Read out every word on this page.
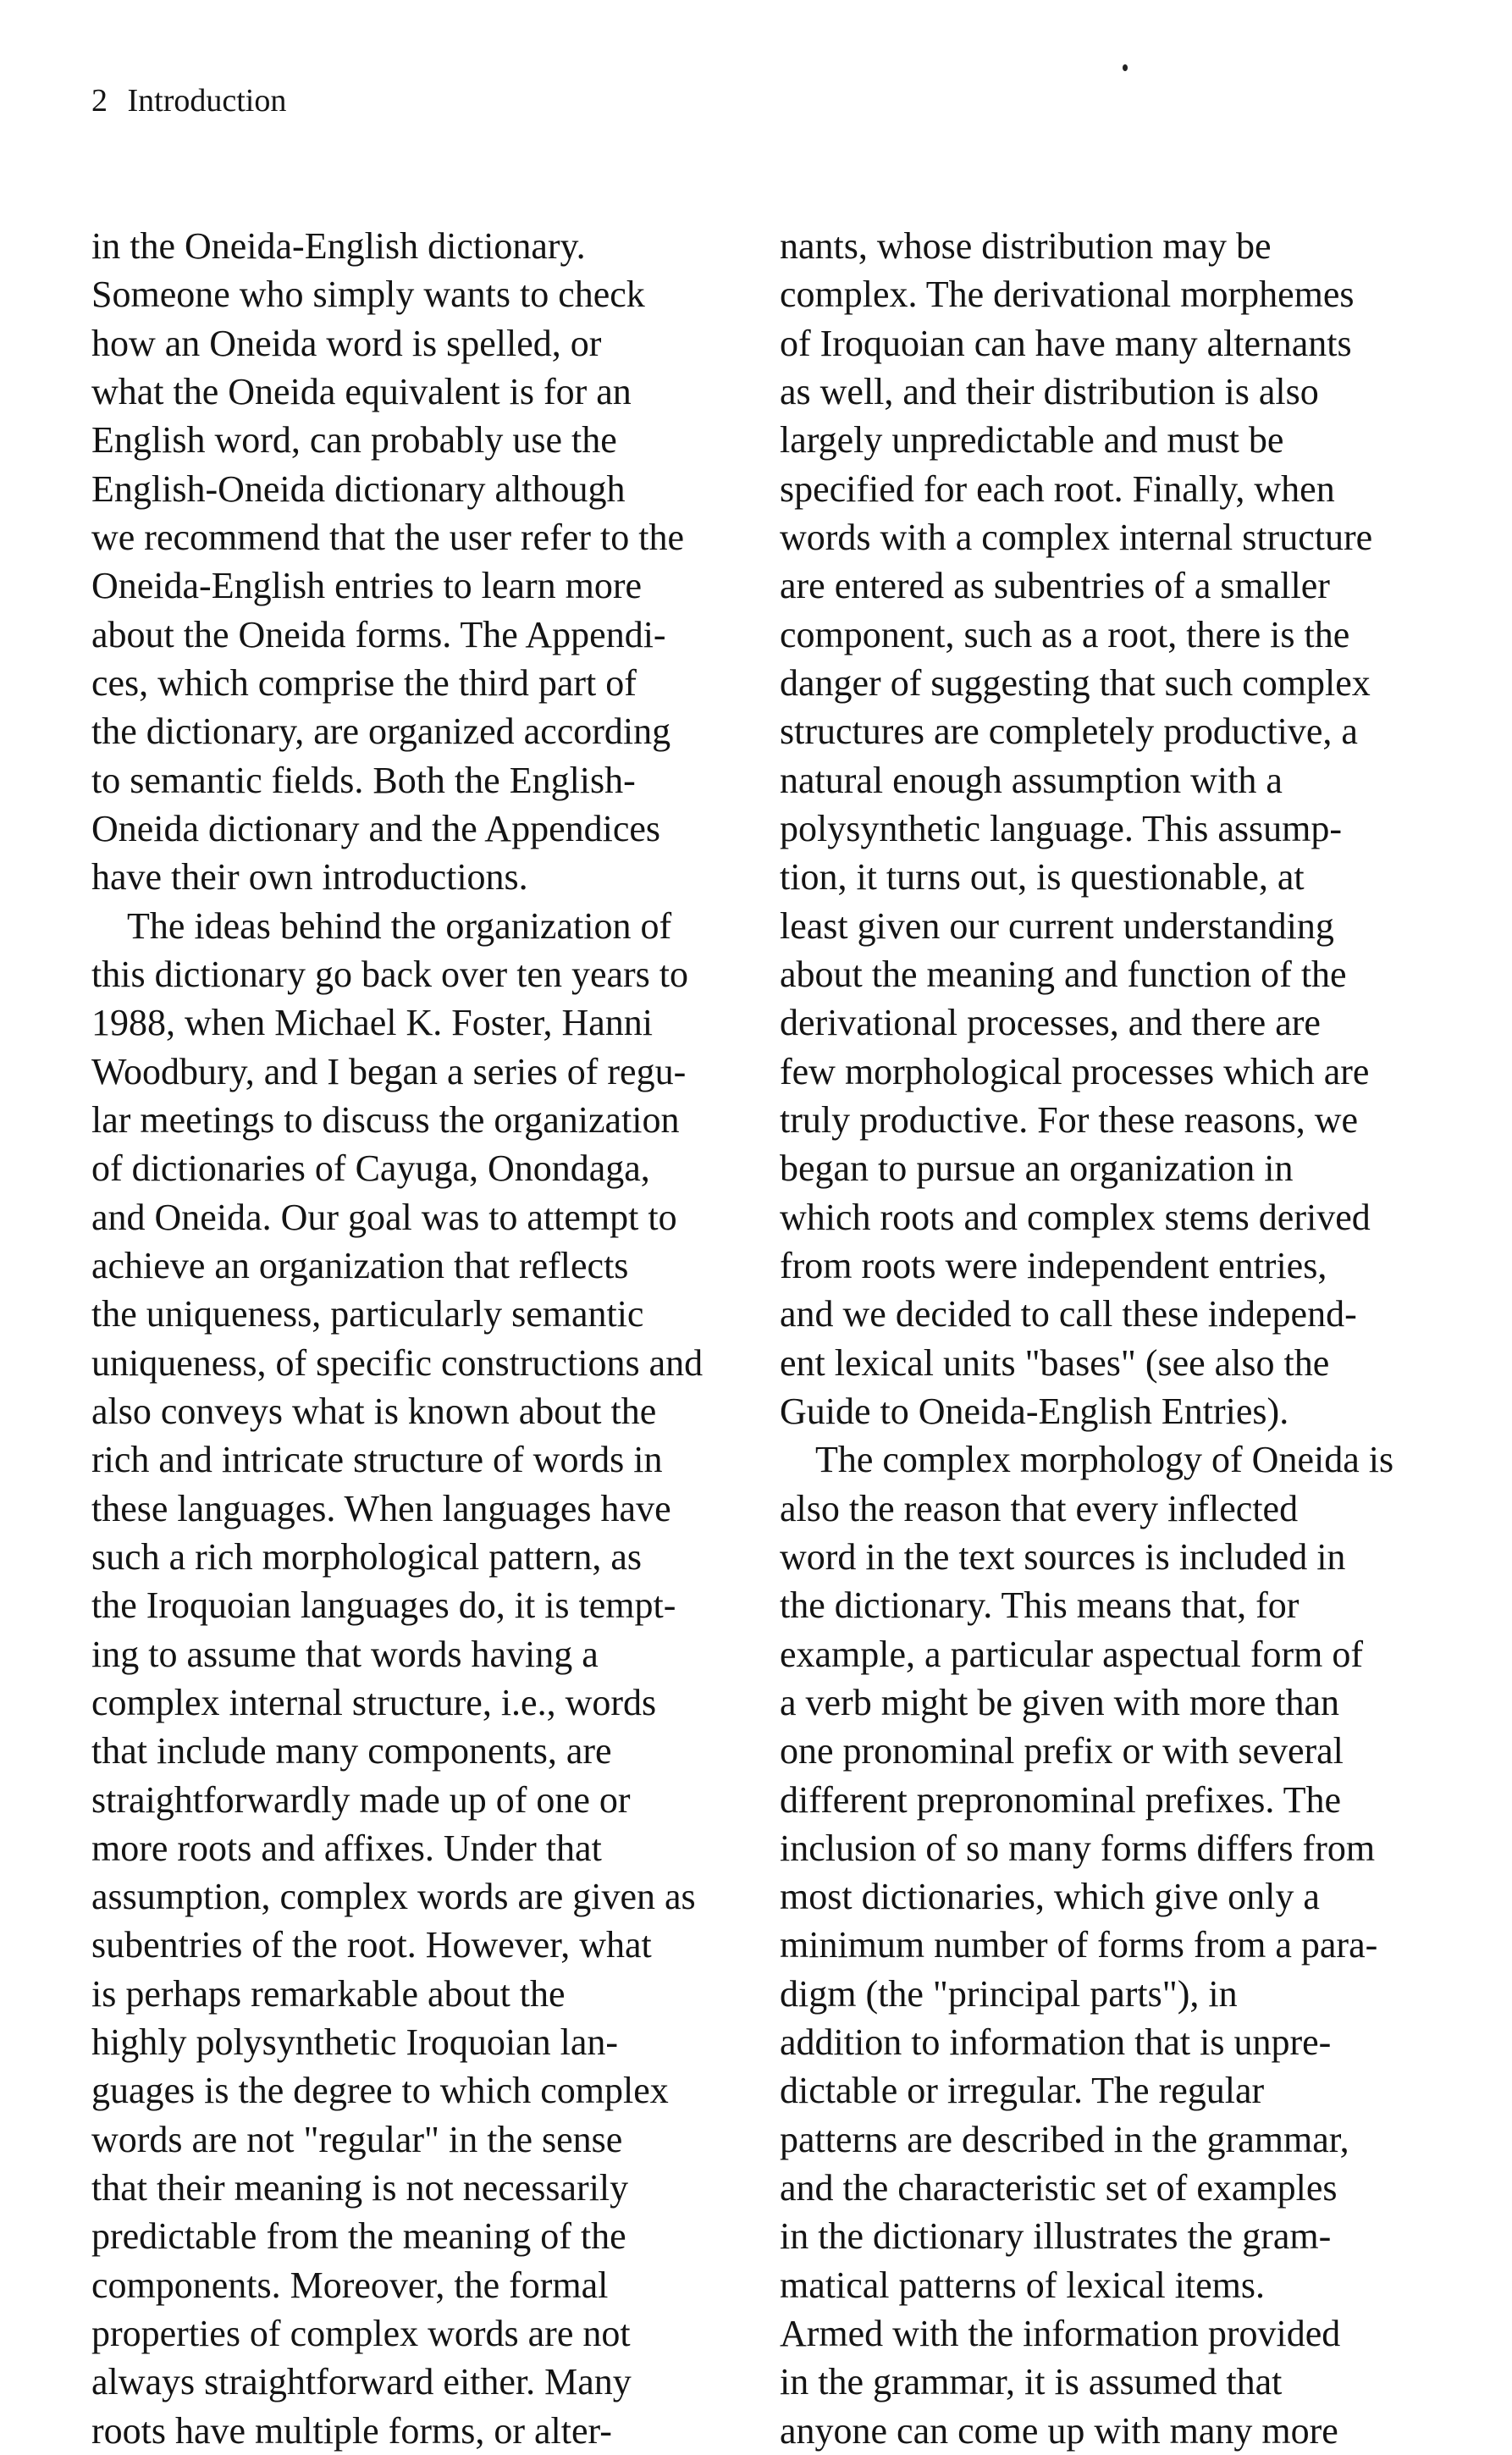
2 Introduction
in the Oneida-English dictionary.
Someone who simply wants to check
how an Oneida word is spelled, or
what the Oneida equivalent is for an
English word, can probably use the
English-Oneida dictionary although
we recommend that the user refer to the
Oneida-English entries to learn more
about the Oneida forms. The Appendi-
ces, which comprise the third part of
the dictionary, are organized according
to semantic fields. Both the English-
Oneida dictionary and the Appendices
have their own introductions.
The ideas behind the organization of
this dictionary go back over ten years to
1988, when Michael K. Foster, Hanni
Woodbury, and I began a series of regu-
lar meetings to discuss the organization
of dictionaries of Cayuga, Onondaga,
and Oneida. Our goal was to attempt to
achieve an organization that reflects
the uniqueness, particularly semantic
uniqueness, of specific constructions and
also conveys what is known about the
rich and intricate structure of words in
these languages. When languages have
such a rich morphological pattern, as
the Iroquoian languages do, it is tempt-
ing to assume that words having a
complex internal structure, i.e., words
that include many components, are
straightforwardly made up of one or
more roots and affixes. Under that
assumption, complex words are given as
subentries of the root. However, what
is perhaps remarkable about the
highly polysynthetic Iroquoian lan-
guages is the degree to which complex
words are not "regular" in the sense
that their meaning is not necessarily
predictable from the meaning of the
components. Moreover, the formal
properties of complex words are not
always straightforward either. Many
roots have multiple forms, or alter-
nants, whose distribution may be
complex. The derivational morphemes
of Iroquoian can have many alternants
as well, and their distribution is also
largely unpredictable and must be
specified for each root. Finally, when
words with a complex internal structure
are entered as subentries of a smaller
component, such as a root, there is the
danger of suggesting that such complex
structures are completely productive, a
natural enough assumption with a
polysynthetic language. This assump-
tion, it turns out, is questionable, at
least given our current understanding
about the meaning and function of the
derivational processes, and there are
few morphological processes which are
truly productive. For these reasons, we
began to pursue an organization in
which roots and complex stems derived
from roots were independent entries,
and we decided to call these independ-
ent lexical units "bases" (see also the
Guide to Oneida-English Entries).
The complex morphology of Oneida is
also the reason that every inflected
word in the text sources is included in
the dictionary. This means that, for
example, a particular aspectual form of
a verb might be given with more than
one pronominal prefix or with several
different prepronominal prefixes. The
inclusion of so many forms differs from
most dictionaries, which give only a
minimum number of forms from a para-
digm (the "principal parts"), in
addition to information that is unpre-
dictable or irregular. The regular
patterns are described in the grammar,
and the characteristic set of examples
in the dictionary illustrates the gram-
matical patterns of lexical items.
Armed with the information provided
in the grammar, it is assumed that
anyone can come up with many more
